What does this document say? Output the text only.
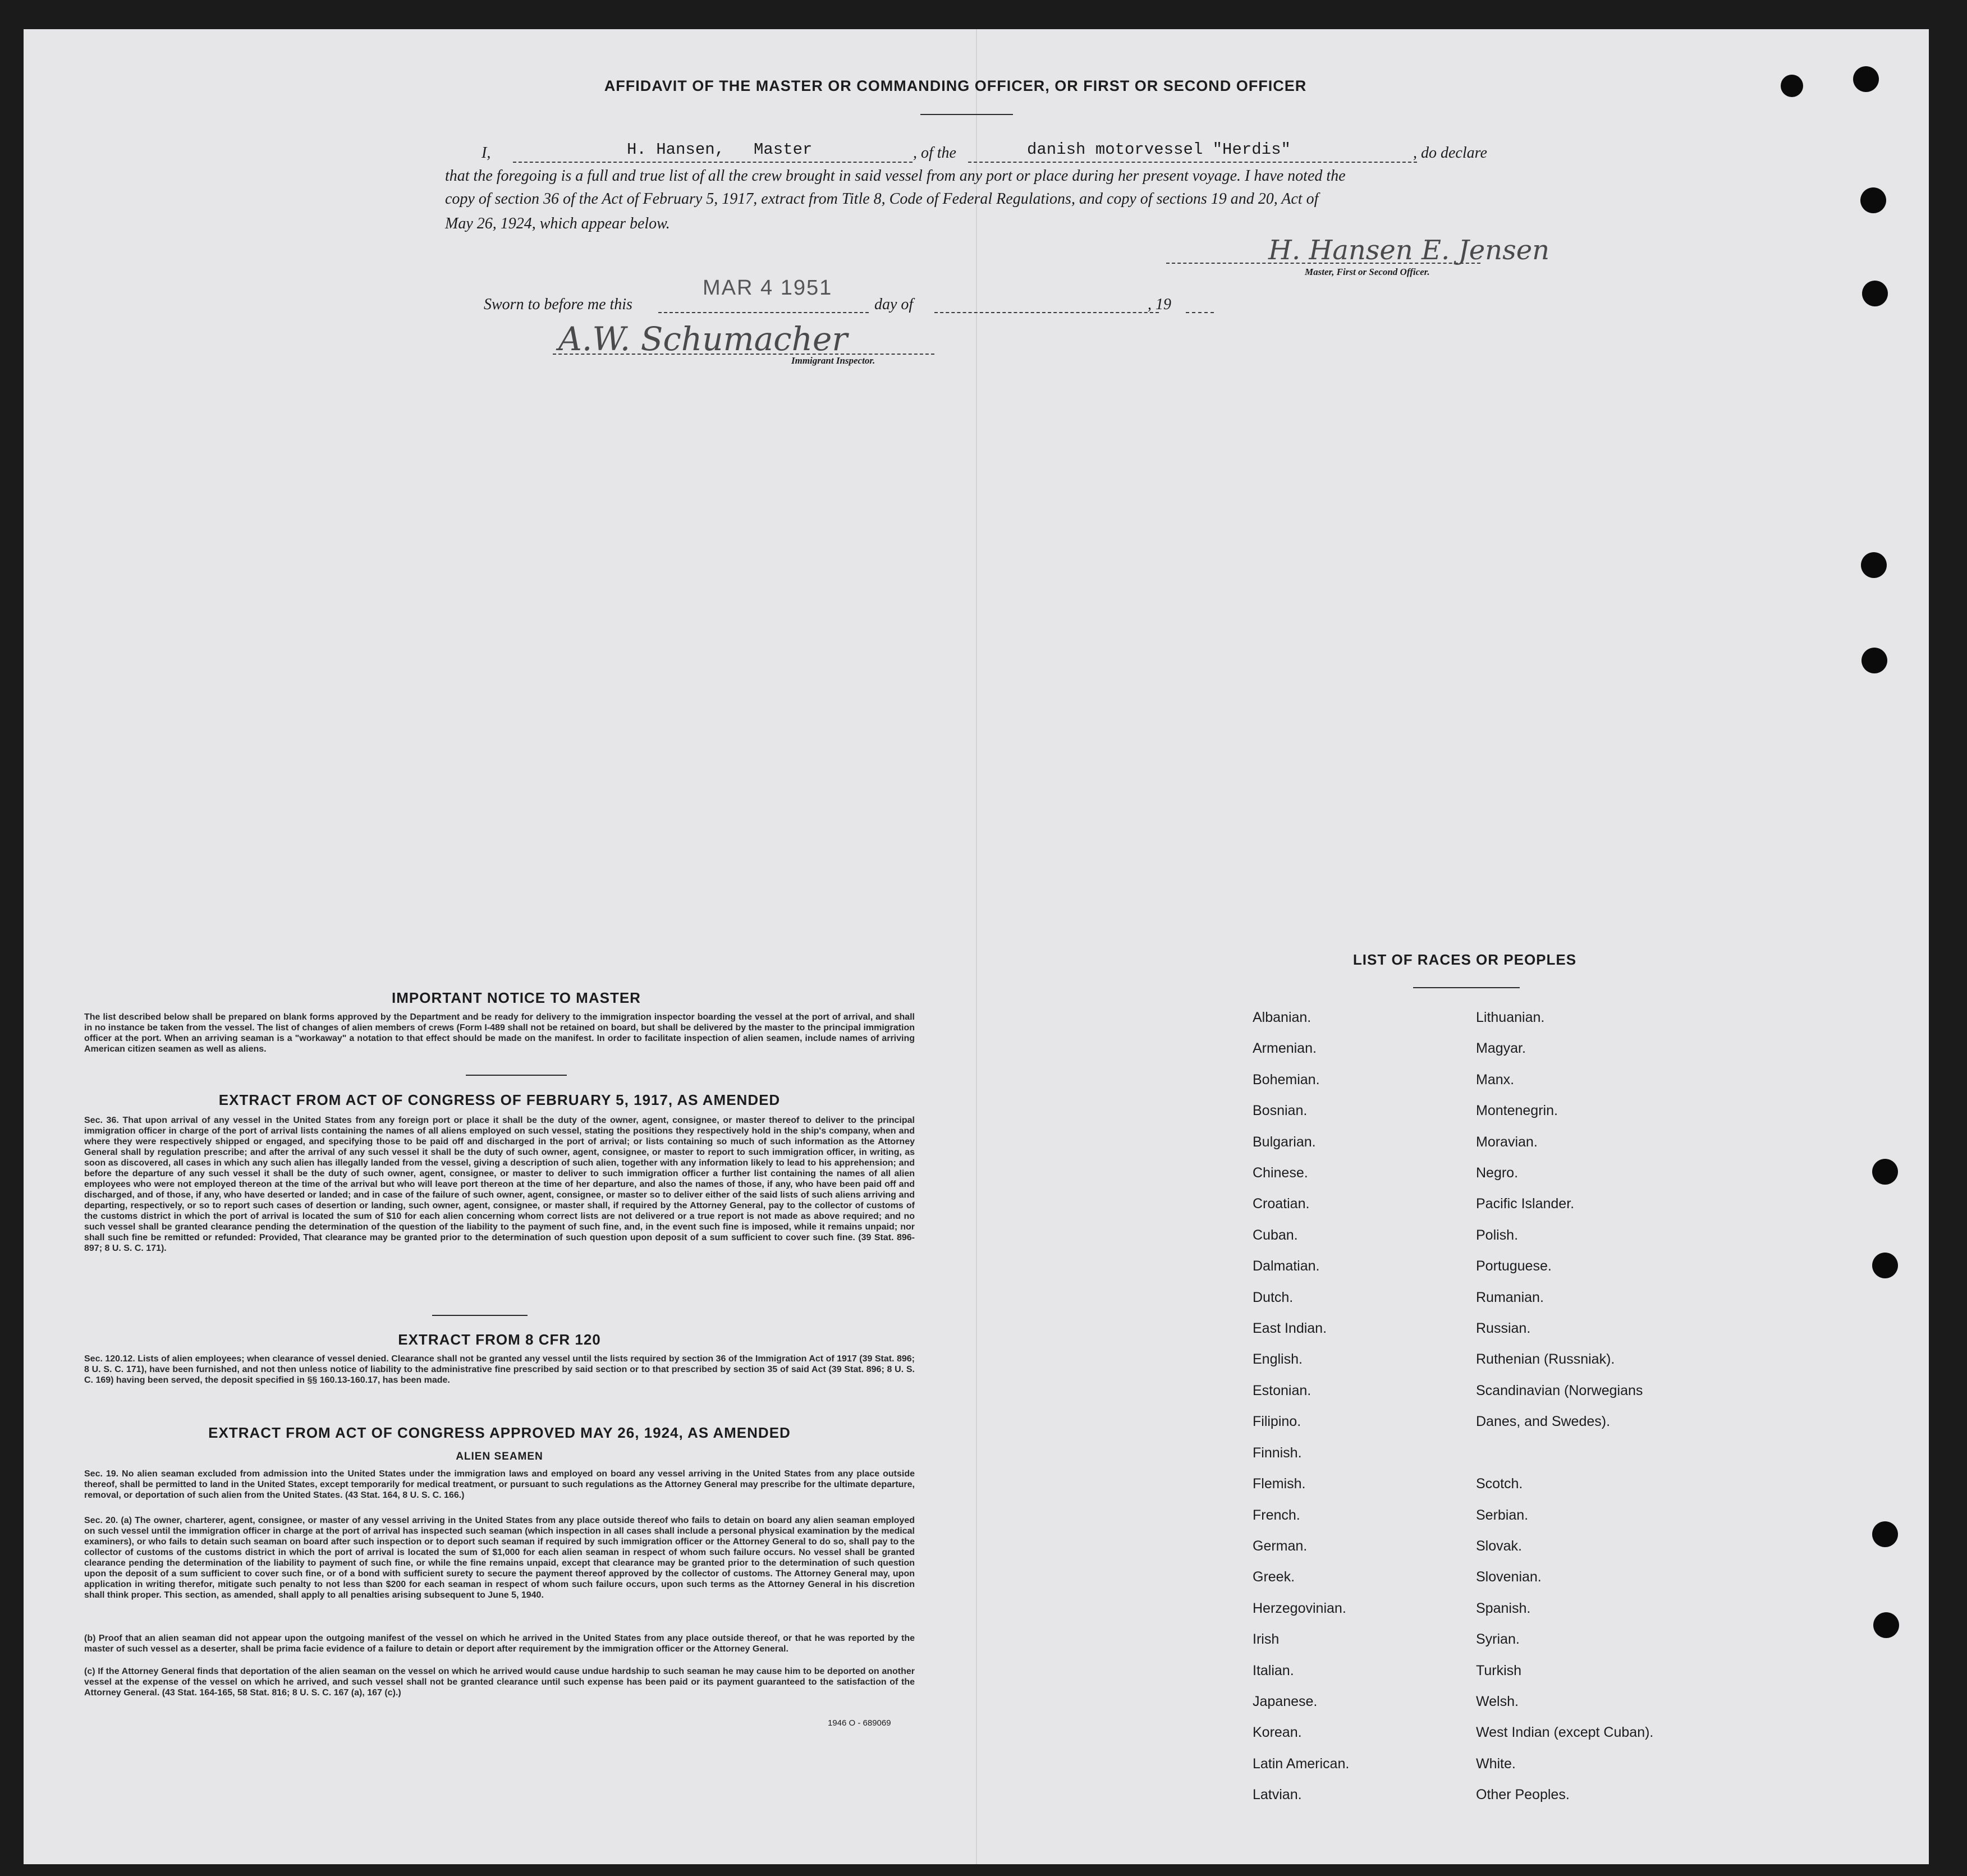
AFFIDAVIT OF THE MASTER OR COMMANDING OFFICER, OR FIRST OR SECOND OFFICER
I,	H. Hansen, Master	, of the	danish motorvessel "Herdis"	, do declare
that the foregoing is a full and true list of all the crew brought in said vessel from any port or place during her present voyage. I have noted the
copy of section 36 of the Act of February 5, 1917, extract from Title 8, Code of Federal Regulations, and copy of sections 19 and 20, Act of
May 26, 1924, which appear below.
H. Hansen E. Jensen
Master, First or Second Officer.
Sworn to before me this
MAR 4 1951
day of	, 19
A.W. Schumacher
Immigrant Inspector.
IMPORTANT NOTICE TO MASTER
The list described below shall be prepared on blank forms approved by the Department and be ready for delivery to the immigration inspector boarding the vessel at the port of arrival, and shall in no instance be taken from the vessel. The list of changes of alien members of crews (Form I-489 shall not be retained on board, but shall be delivered by the master to the principal immigration officer at the port. When an arriving seaman is a "workaway" a notation to that effect should be made on the manifest. In order to facilitate inspection of alien seamen, include names of arriving American citizen seamen as well as aliens.
EXTRACT FROM ACT OF CONGRESS OF FEBRUARY 5, 1917, AS AMENDED
Sec. 36. That upon arrival of any vessel in the United States from any foreign port or place it shall be the duty of the owner, agent, consignee, or master thereof to deliver to the principal immigration officer in charge of the port of arrival lists containing the names of all aliens employed on such vessel, stating the positions they respectively hold in the ship's company, when and where they were respectively shipped or engaged, and specifying those to be paid off and discharged in the port of arrival; or lists containing so much of such information as the Attorney General shall by regulation prescribe; and after the arrival of any such vessel it shall be the duty of such owner, agent, consignee, or master to report to such immigration officer, in writing, as soon as discovered, all cases in which any such alien has illegally landed from the vessel, giving a description of such alien, together with any information likely to lead to his apprehension; and before the departure of any such vessel it shall be the duty of such owner, agent, consignee, or master to deliver to such immigration officer a further list containing the names of all alien employees who were not employed thereon at the time of the arrival but who will leave port thereon at the time of her departure, and also the names of those, if any, who have been paid off and discharged, and of those, if any, who have deserted or landed; and in case of the failure of such owner, agent, consignee, or master so to deliver either of the said lists of such aliens arriving and departing, respectively, or so to report such cases of desertion or landing, such owner, agent, consignee, or master shall, if required by the Attorney General, pay to the collector of customs of the customs district in which the port of arrival is located the sum of $10 for each alien concerning whom correct lists are not delivered or a true report is not made as above required; and no such vessel shall be granted clearance pending the determination of the question of the liability to the payment of such fine, and, in the event such fine is imposed, while it remains unpaid; nor shall such fine be remitted or refunded: Provided, That clearance may be granted prior to the determination of such question upon deposit of a sum sufficient to cover such fine. (39 Stat. 896-897; 8 U. S. C. 171).
EXTRACT FROM 8 CFR 120
Sec. 120.12. Lists of alien employees; when clearance of vessel denied. Clearance shall not be granted any vessel until the lists required by section 36 of the Immigration Act of 1917 (39 Stat. 896; 8 U. S. C. 171), have been furnished, and not then unless notice of liability to the administrative fine prescribed by said section or to that prescribed by section 35 of said Act (39 Stat. 896; 8 U. S. C. 169) having been served, the deposit specified in §§ 160.13-160.17, has been made.
EXTRACT FROM ACT OF CONGRESS APPROVED MAY 26, 1924, AS AMENDED
ALIEN SEAMEN
Sec. 19. No alien seaman excluded from admission into the United States under the immigration laws and employed on board any vessel arriving in the United States from any place outside thereof, shall be permitted to land in the United States, except temporarily for medical treatment, or pursuant to such regulations as the Attorney General may prescribe for the ultimate departure, removal, or deportation of such alien from the United States. (43 Stat. 164, 8 U. S. C. 166.)
Sec. 20. (a) The owner, charterer, agent, consignee, or master of any vessel arriving in the United States from any place outside thereof who fails to detain on board any alien seaman employed on such vessel until the immigration officer in charge at the port of arrival has inspected such seaman (which inspection in all cases shall include a personal physical examination by the medical examiners), or who fails to detain such seaman on board after such inspection or to deport such seaman if required by such immigration officer or the Attorney General to do so, shall pay to the collector of customs of the customs district in which the port of arrival is located the sum of $1,000 for each alien seaman in respect of whom such failure occurs. No vessel shall be granted clearance pending the determination of the liability to payment of such fine, or while the fine remains unpaid, except that clearance may be granted prior to the determination of such question upon the deposit of a sum sufficient to cover such fine, or of a bond with sufficient surety to secure the payment thereof approved by the collector of customs. The Attorney General may, upon application in writing therefor, mitigate such penalty to not less than $200 for each seaman in respect of whom such failure occurs, upon such terms as the Attorney General in his discretion shall think proper. This section, as amended, shall apply to all penalties arising subsequent to June 5, 1940.
(b) Proof that an alien seaman did not appear upon the outgoing manifest of the vessel on which he arrived in the United States from any place outside thereof, or that he was reported by the master of such vessel as a deserter, shall be prima facie evidence of a failure to detain or deport after requirement by the immigration officer or the Attorney General.
(c) If the Attorney General finds that deportation of the alien seaman on the vessel on which he arrived would cause undue hardship to such seaman he may cause him to be deported on another vessel at the expense of the vessel on which he arrived, and such vessel shall not be granted clearance until such expense has been paid or its payment guaranteed to the satisfaction of the Attorney General. (43 Stat. 164-165, 58 Stat. 816; 8 U. S. C. 167 (a), 167 (c).)
1946 O - 689069
LIST OF RACES OR PEOPLES
Albanian.
Armenian.
Bohemian.
Bosnian.
Bulgarian.
Chinese.
Croatian.
Cuban.
Dalmatian.
Dutch.
East Indian.
English.
Estonian.
Filipino.
Finnish.
Flemish.
French.
German.
Greek.
Herzegovinian.
Irish
Italian.
Japanese.
Korean.
Latin American.
Latvian.
Lithuanian.
Magyar.
Manx.
Montenegrin.
Moravian.
Negro.
Pacific Islander.
Polish.
Portuguese.
Rumanian.
Russian.
Ruthenian (Russniak).
Scandinavian (Norwegians
Danes, and Swedes).

Scotch.
Serbian.
Slovak.
Slovenian.
Spanish.
Syrian.
Turkish
Welsh.
West Indian (except Cuban).
White.
Other Peoples.
